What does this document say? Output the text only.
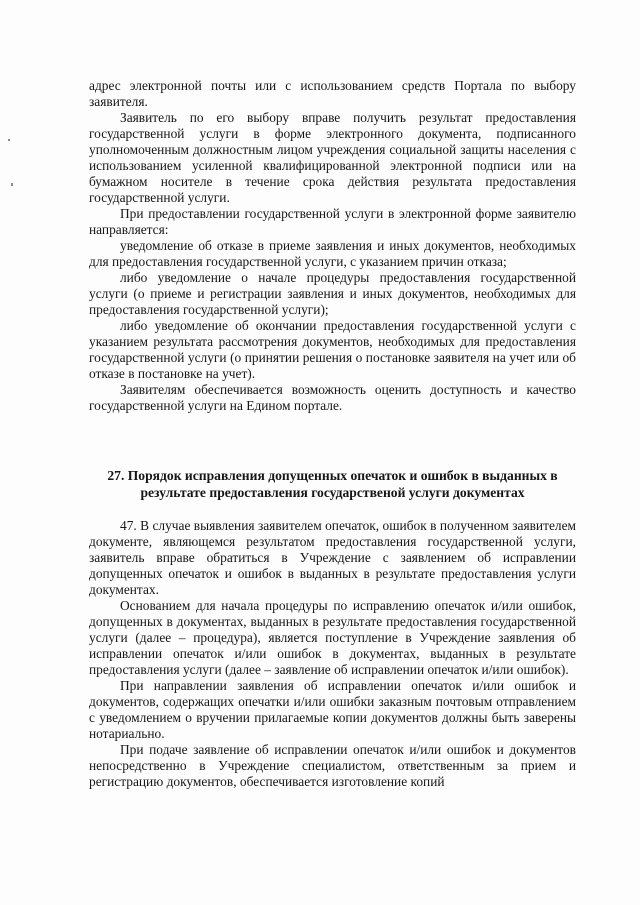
адрес электронной почты или с использованием средств Портала по выбору заявителя.

Заявитель по его выбору вправе получить результат предоставления государственной услуги в форме электронного документа, подписанного уполномоченным должностным лицом учреждения социальной защиты населения с использованием усиленной квалифицированной электронной подписи или на бумажном носителе в течение срока действия результата предоставления государственной услуги.

При предоставлении государственной услуги в электронной форме заявителю направляется:

уведомление об отказе в приеме заявления и иных документов, необходимых для предоставления государственной услуги, с указанием причин отказа;

либо уведомление о начале процедуры предоставления государственной услуги (о приеме и регистрации заявления и иных документов, необходимых для предоставления государственной услуги);

либо уведомление об окончании предоставления государственной услуги с указанием результата рассмотрения документов, необходимых для предоставления государственной услуги (о принятии решения о постановке заявителя на учет или об отказе в постановке на учет).

Заявителям обеспечивается возможность оценить доступность и качество государственной услуги на Едином портале.

27. Порядок исправления допущенных опечаток и ошибок в выданных в

результате предоставления государственой услуги документах

47. В случае выявления заявителем опечаток, ошибок в полученном заявителем документе, являющемся результатом предоставления государственной услуги, заявитель вправе обратиться в Учреждение с заявлением об исправлении допущенных опечаток и ошибок в выданных в результате предоставления услуги документах.

Основанием для начала процедуры по исправлению опечаток и/или ошибок, допущенных в документах, выданных в результате предоставления государственной услуги (далее – процедура), является поступление в Учреждение заявления об исправлении опечаток и/или ошибок в документах, выданных в результате предоставления услуги (далее – заявление об исправлении опечаток и/или ошибок).

При направлении заявления об исправлении опечаток и/или ошибок и документов, содержащих опечатки и/или ошибки заказным почтовым отправлением с уведомлением о вручении прилагаемые копии документов должны быть заверены нотариально.

При подаче заявление об исправлении опечаток и/или ошибок и документов непосредственно в Учреждение специалистом, ответственным за прием и регистрацию документов, обеспечивается изготовление копий
